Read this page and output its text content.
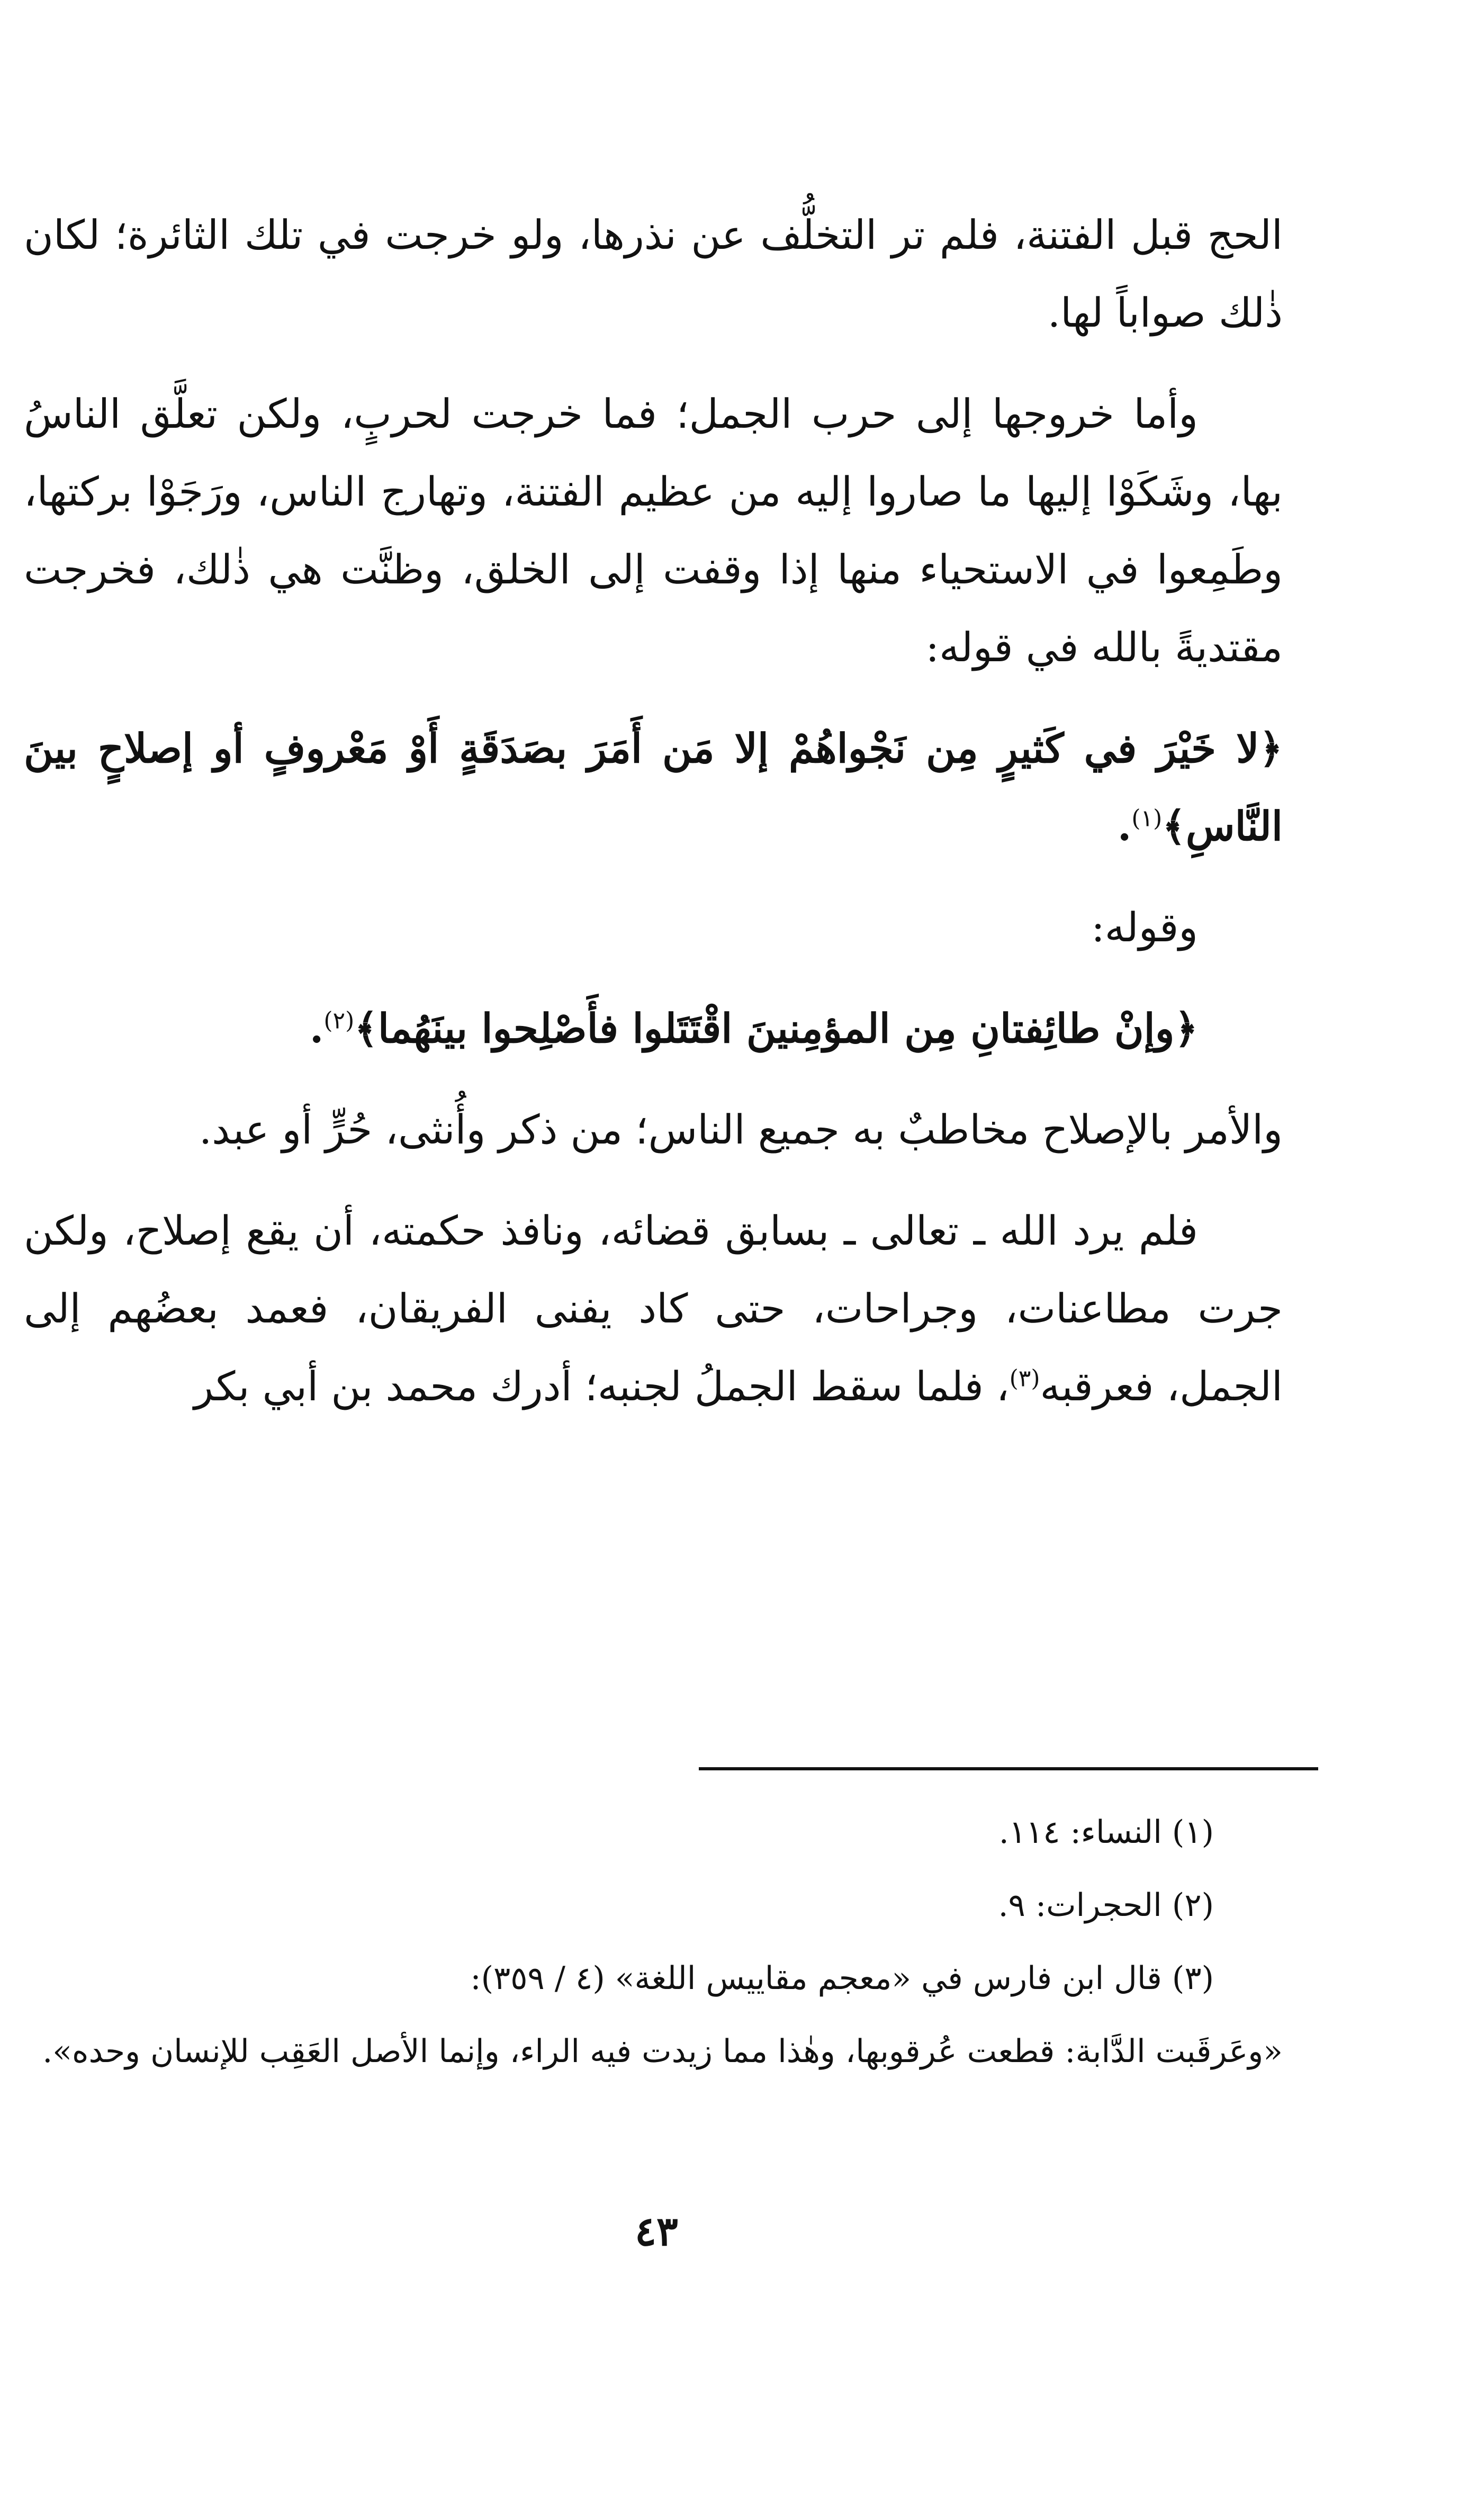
الحج قبل الفتنة، فلم تر التخلُّف عن نذرها، ولو خرجت في تلك الثائرة؛ لكان ذٰلك صواباً لها.

وأما خروجها إلى حرب الجمل؛ فما خرجت لحربٍ، ولكن تعلَّق الناسُ بها، وشَكَوْا إليها ما صاروا إليه من عظيم الفتنة، وتهارج الناس، ورَجَوْا بركتها، وطَمِعوا في الاستحياء منها إذا وقفت إلى الخلق، وظنَّت هي ذٰلك، فخرجت مقتديةً بالله في قوله:

﴿لا خَيْرَ في كَثيرٍ مِن نَجْواهُمْ إلا مَن أَمَرَ بصَدَقَةٍ أَوْ مَعْروفٍ أو إصلاحٍ بينَ النَّاسِ﴾$^{(١)}$.

وقوله:

﴿وإنْ طائِفتانِ مِن المؤمِنينَ اقْتَتَلوا فأَصْلِحوا بينَهُما﴾$^{(٢)}$.

والأمر بالإصلاح مخاطبٌ به جميع الناس؛ من ذكر وأُنثى، حُرٍّ أو عبد.

فلم يرد الله ـ تعالى ـ بسابق قضائه، ونافذ حكمته، أن يقع إصلاح، ولكن جرت مطاعنات، وجراحات، حتى كاد يفنى الفريقان، فعمد بعضُهم إلى الجمل، فعرقبه$^{(٣)}$، فلما سقط الجملُ لجنبه؛ أدرك محمد بن أبي بكر

(١) النساء: ١١٤.

(٢) الحجرات: ٩.

(٣) قال ابن فارس في «معجم مقاييس اللغة» (٤ / ٣٥٩):

«وعَرقَبت الدَّابة: قطعت عُرقوبها، وهٰذا مما زيدت فيه الراء، وإنما الأصل العَقِب للإنسان وحده».

٤٣
